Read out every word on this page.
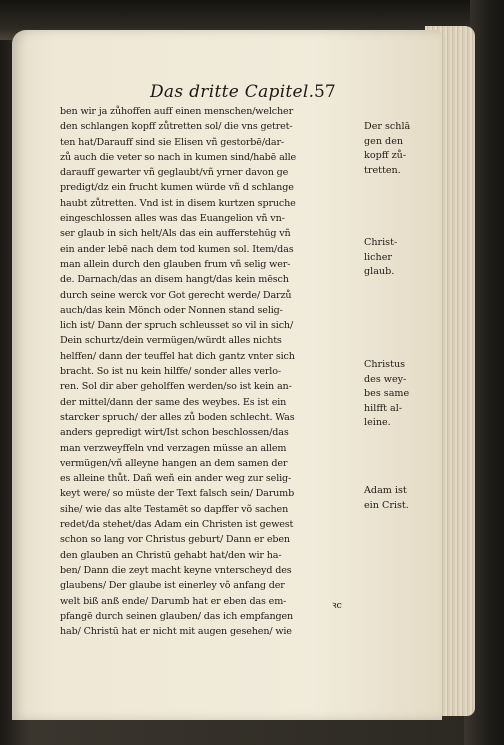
Das dritte Capitel. 57
ben wir ja zůhoffen auff einen menschen/welcher
den schlangen kopff zůtretten sol/ die vns getret-
ten hat/Darauff sind sie Elisen vñ gestorbē/dar-
zů auch die veter so nach in kumen sind/habē alle
darauff gewarter vñ geglaubt/vñ yrner davon ge
predigt/dz ein frucht kumen würde vñ d schlange
haubt zůtretten. Vnd ist in disem kurtzen spruche
eingeschlossen alles was das Euangelion vñ vn-
ser glaub in sich helt/Als das ein aufferstehūg vñ
ein ander lebē nach dem tod kumen sol. Item/das
man allein durch den glauben frum vñ selig wer-
de. Darnach/das an disem hangt/das kein mēsch
durch seine werck vor Got gerecht werde/ Darzů
auch/das kein Mönch oder Nonnen stand selig-
lich ist/ Dann der spruch schleusset so vil in sich/
Dein schurtz/dein vermügen/würdt alles nichts
helffen/ dann der teuffel hat dich gantz vnter sich
bracht. So ist nu kein hilffe/ sonder alles verlo-
ren. Sol dir aber geholffen werden/so ist kein an-
der mittel/dann der same des weybes. Es ist ein
starcker spruch/ der alles zů boden schlecht. Was
anders gepredigt wirt/Ist schon beschlossen/das
man verzweyffeln vnd verzagen müsse an allem
vermügen/vñ alleyne hangen an dem samen der
es alleine thůt. Dañ weñ ein ander weg zur selig-
keyt were/ so müste der Text falsch sein/ Darumb
sihe/ wie das alte Testamēt so dapffer võ sachen
redet/da stehet/das Adam ein Christen ist gewest
schon so lang vor Christus geburt/ Dann er eben
den glauben an Christū gehabt hat/den wir ha-
ben/ Dann die zeyt macht keyne vnterscheyd des
glaubens/ Der glaube ist einerley võ anfang der
welt biß anß ende/ Darumb hat er eben das em-
pfangē durch seinen glauben/ das ich empfangen
hab/ Christū hat er nicht mit augen gesehen/ wie
Der schlā
gen den
kopff zů-
tretten.
Christ-
licher
glaub.
Christus
des wey-
bes same
hilfft al-
leine.
Adam ist
ein Crist.
ꝛc
